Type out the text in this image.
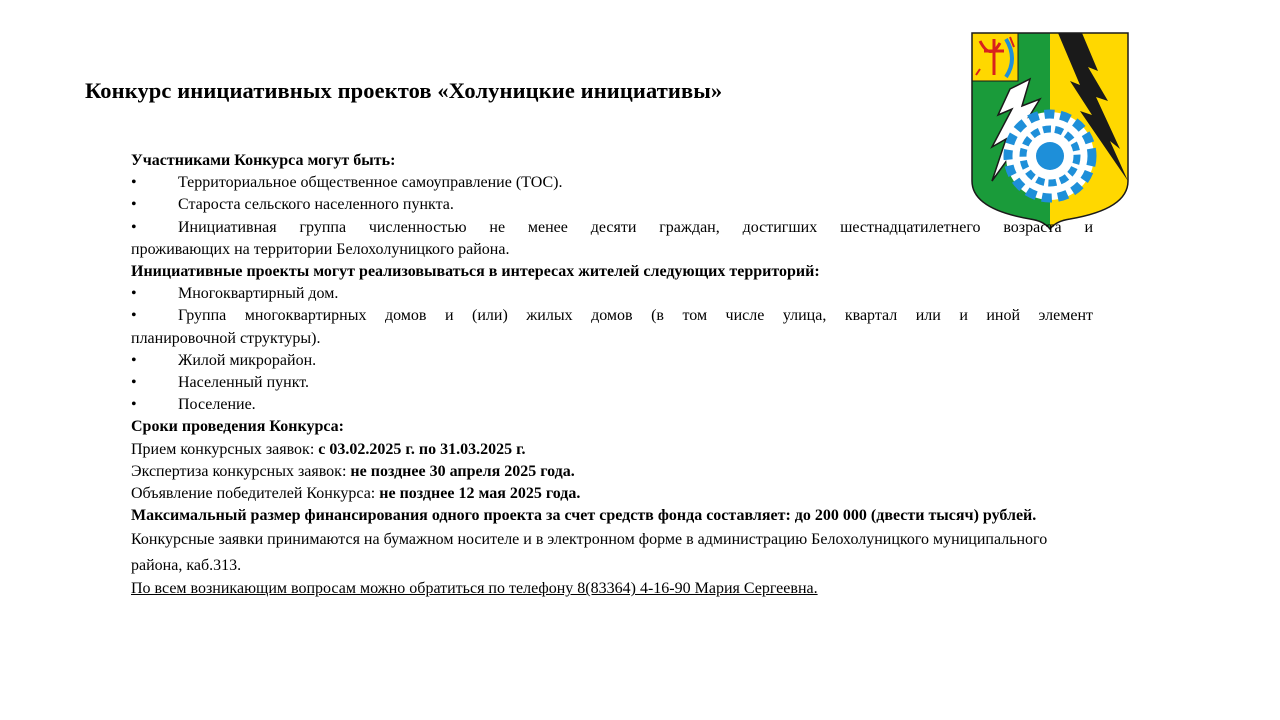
Конкурс инициативных проектов «Холуницкие инициативы»

Участниками Конкурса могут быть:

•	Территориальное общественное самоуправление (ТОС).
•	Староста сельского населенного пункта.
•	Инициативная группа численностью не менее десяти граждан, достигших шестнадцатилетнего возраста и
проживающих на территории Белохолуницкого района.

Инициативные проекты могут реализовываться в интересах жителей следующих территорий:

•	Многоквартирный дом.
•	Группа многоквартирных домов и (или) жилых домов (в том числе улица, квартал или и иной элемент
планировочной структуры).
•	Жилой микрорайон.
•	Населенный пункт.
•	Поселение.

Сроки проведения Конкурса:

Прием конкурсных заявок: с 03.02.2025 г. по 31.03.2025 г.

Экспертиза конкурсных заявок: не позднее 30 апреля 2025 года.

Объявление победителей Конкурса: не позднее 12 мая 2025 года.

Максимальный размер финансирования одного проекта за счет средств фонда составляет: до 200 000 (двести тысяч) рублей.

Конкурсные заявки принимаются на бумажном носителе и в электронном форме в администрацию Белохолуницкого муниципального района, каб.313.

По всем возникающим вопросам можно обратиться по телефону 8(83364) 4-16-90 Мария Сергеевна.
